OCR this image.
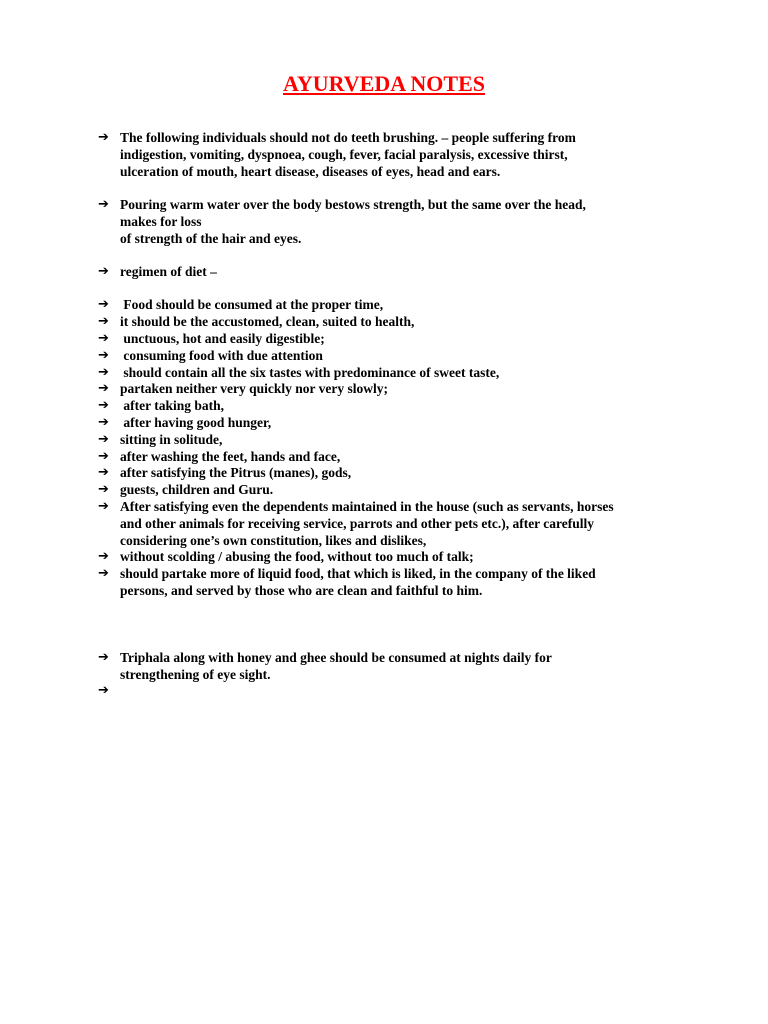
AYURVEDA NOTES
➔ The following individuals should not do teeth brushing. – people suffering from
indigestion, vomiting, dyspnoea, cough, fever, facial paralysis, excessive thirst,
ulceration of mouth, heart disease, diseases of eyes, head and ears.
➔ Pouring warm water over the body bestows strength, but the same over the head,
makes for loss
of strength of the hair and eyes.
➔ regimen of diet –
➔ Food should be consumed at the proper time,
➔ it should be the accustomed, clean, suited to health,
➔ unctuous, hot and easily digestible;
➔ consuming food with due attention
➔ should contain all the six tastes with predominance of sweet taste,
➔ partaken neither very quickly nor very slowly;
➔ after taking bath,
➔ after having good hunger,
➔ sitting in solitude,
➔ after washing the feet, hands and face,
➔ after satisfying the Pitrus (manes), gods,
➔ guests, children and Guru.
➔ After satisfying even the dependents maintained in the house (such as servants, horses
and other animals for receiving service, parrots and other pets etc.), after carefully
considering one’s own constitution, likes and dislikes,
➔ without scolding / abusing the food, without too much of talk;
➔ should partake more of liquid food, that which is liked, in the company of the liked
persons, and served by those who are clean and faithful to him.
➔ Triphala along with honey and ghee should be consumed at nights daily for
strengthening of eye sight.
➔
